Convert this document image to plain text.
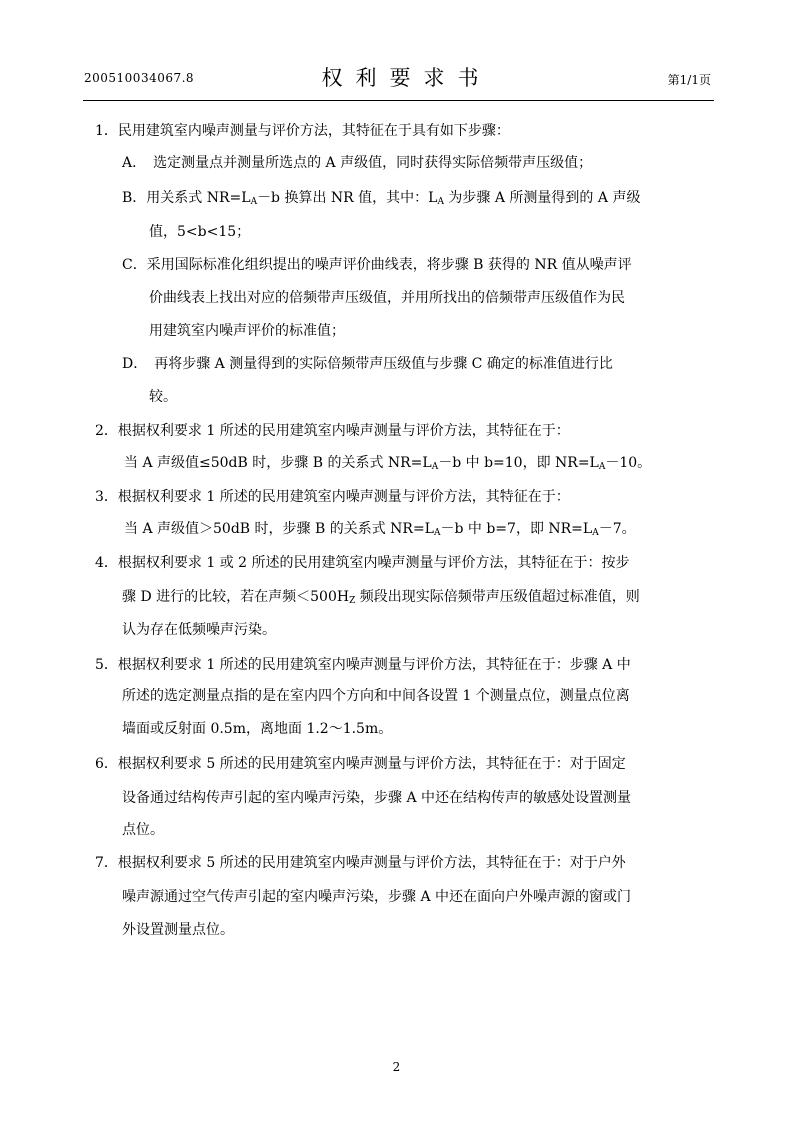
200510034067.8	权利要求书	第1/1页
1．民用建筑室内噪声测量与评价方法，其特征在于具有如下步骤：
A．　选定测量点并测量所选点的 A 声级值，同时获得实际倍频带声压级值；
B．用关系式 $NR=L_A-b$ 换算出 NR 值，其中：$L_A$ 为步骤 A 所测量得到的 A 声级
值，5<b<15；
C．采用国际标准化组织提出的噪声评价曲线表，将步骤 B 获得的 NR 值从噪声评
价曲线表上找出对应的倍频带声压级值，并用所找出的倍频带声压级值作为民
用建筑室内噪声评价的标准值；
D．　再将步骤 A 测量得到的实际倍频带声压级值与步骤 C 确定的标准值进行比
较。
2．根据权利要求 1 所述的民用建筑室内噪声测量与评价方法，其特征在于：
当 A 声级值≤50dB 时，步骤 B 的关系式 $NR=L_A-b$ 中 b=10，即 $NR=L_A-10$。
3．根据权利要求 1 所述的民用建筑室内噪声测量与评价方法，其特征在于：
当 A 声级值＞50dB 时，步骤 B 的关系式 $NR=L_A-b$ 中 b=7，即 $NR=L_A-7$。
4．根据权利要求 1 或 2 所述的民用建筑室内噪声测量与评价方法，其特征在于：按步
骤 D 进行的比较，若在声频$<500H_Z$ 频段出现实际倍频带声压级值超过标准值，则
认为存在低频噪声污染。
5．根据权利要求 1 所述的民用建筑室内噪声测量与评价方法，其特征在于：步骤 A 中
所述的选定测量点指的是在室内四个方向和中间各设置 1 个测量点位，测量点位离
墙面或反射面 0.5m，离地面 1.2～1.5m。
6．根据权利要求 5 所述的民用建筑室内噪声测量与评价方法，其特征在于：对于固定
设备通过结构传声引起的室内噪声污染，步骤 A 中还在结构传声的敏感处设置测量
点位。
7．根据权利要求 5 所述的民用建筑室内噪声测量与评价方法，其特征在于：对于户外
噪声源通过空气传声引起的室内噪声污染，步骤 A 中还在面向户外噪声源的窗或门
外设置测量点位。
2
